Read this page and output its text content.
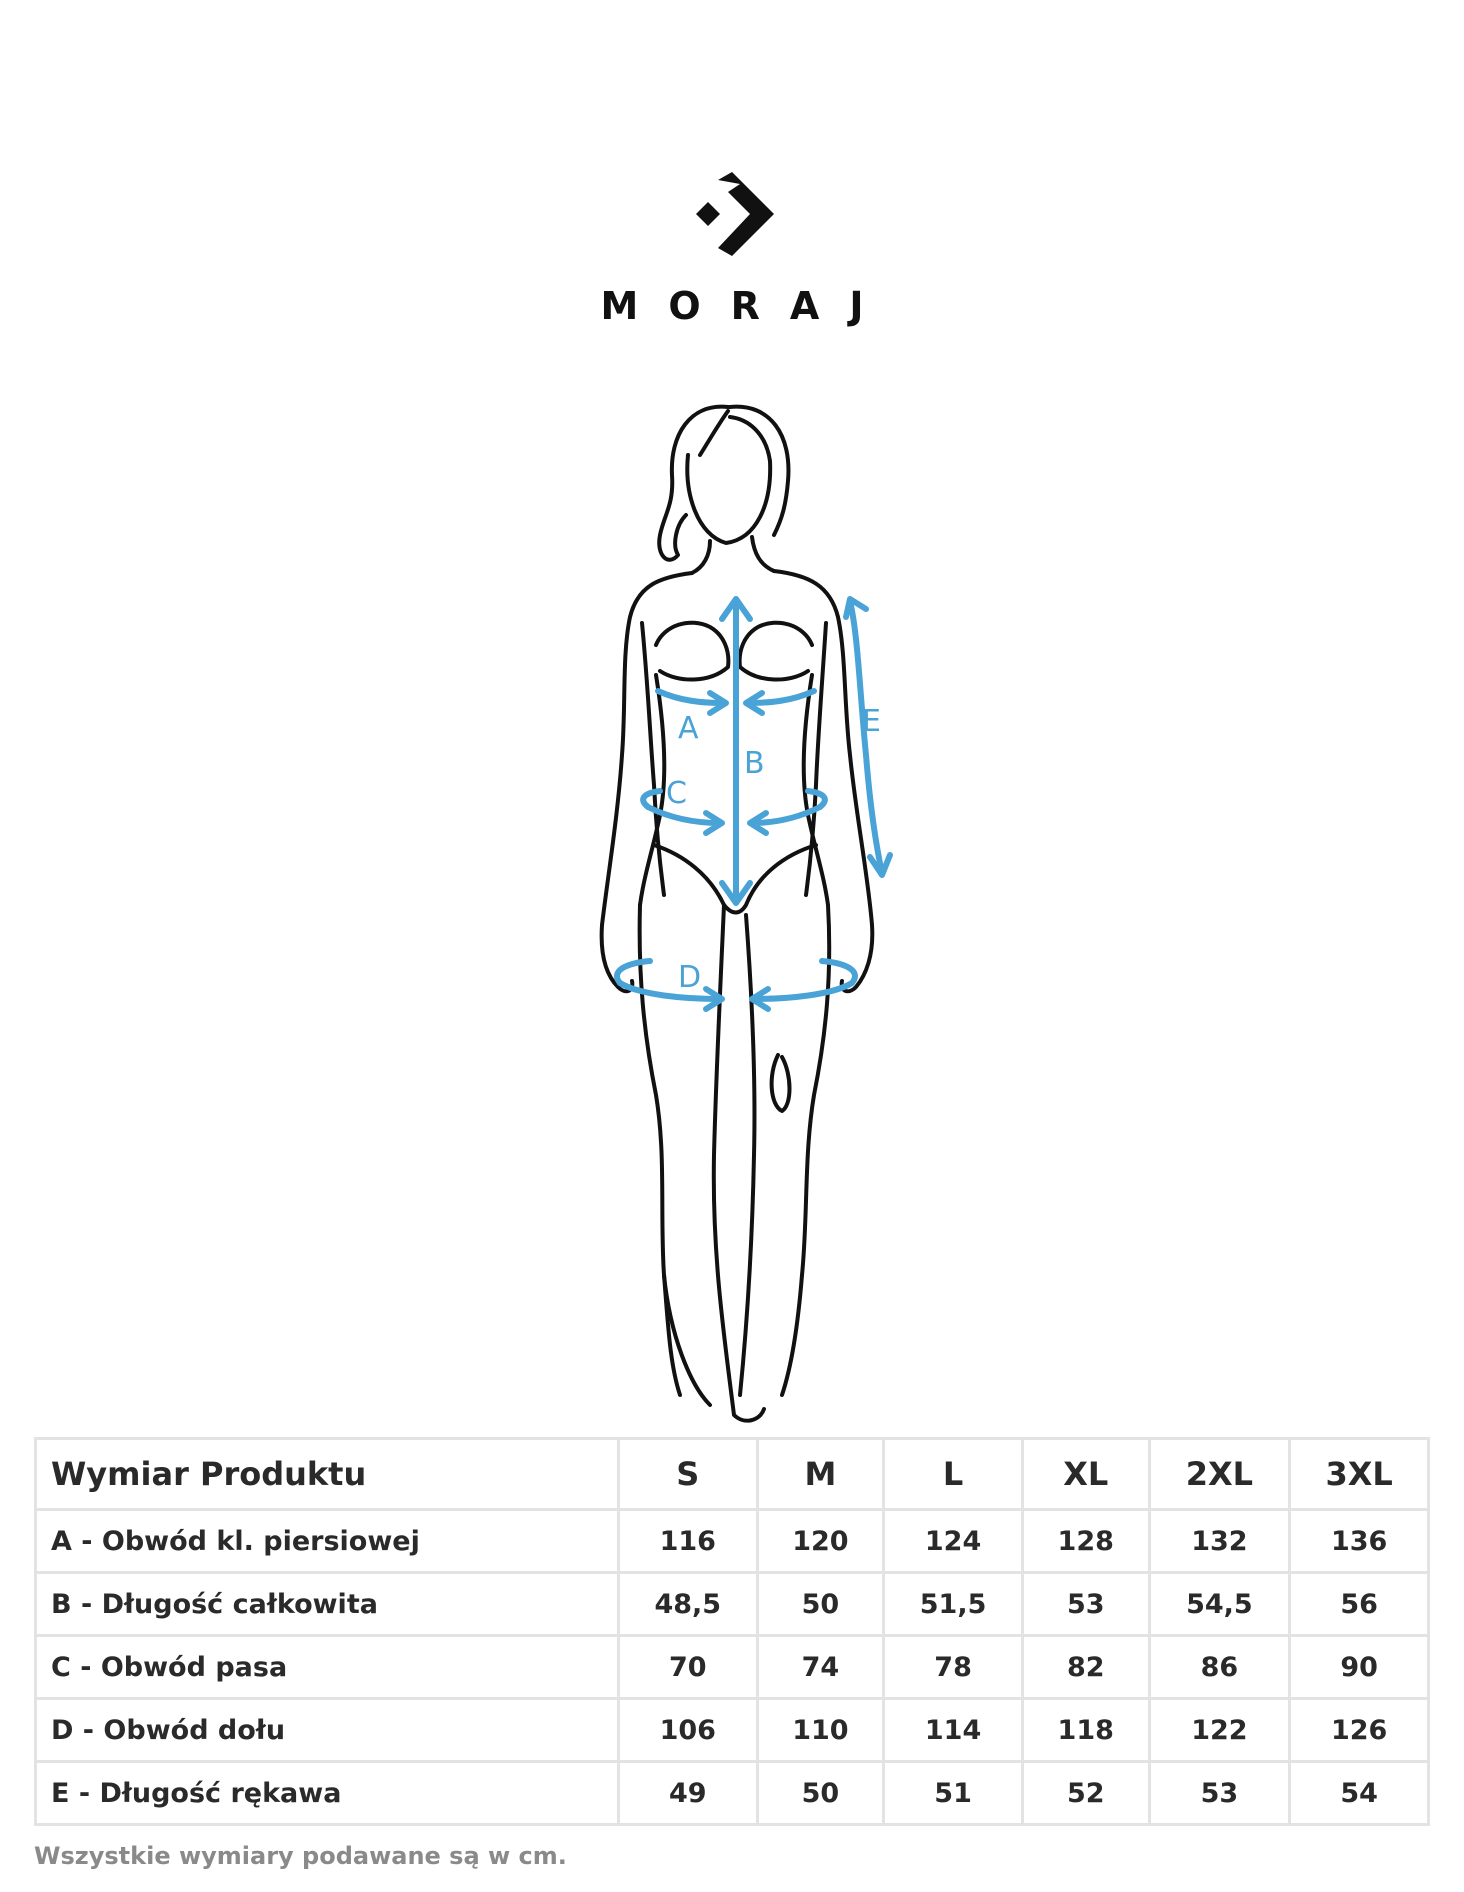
MORAJ
A
B
C
D
E
Wymiar Produktu	S	M	L	XL	2XL	3XL
A - Obwód kl. piersiowej	116	120	124	128	132	136
B - Długość całkowita	48,5	50	51,5	53	54,5	56
C - Obwód pasa	70	74	78	82	86	90
D - Obwód dołu	106	110	114	118	122	126
E - Długość rękawa	49	50	51	52	53	54
Wszystkie wymiary podawane są w cm.
